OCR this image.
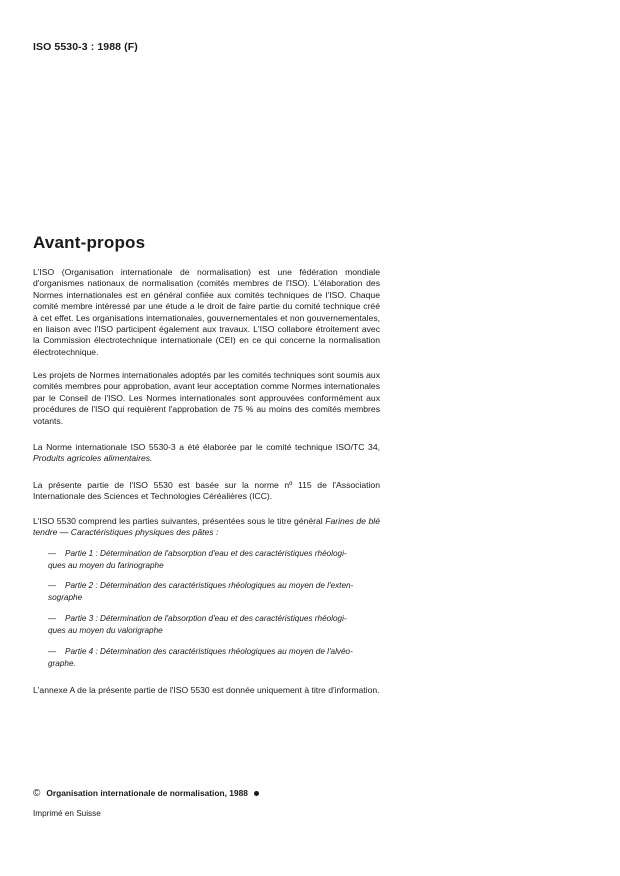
ISO 5530-3 : 1988 (F)
Avant-propos

L'ISO (Organisation internationale de normalisation) est une fédération mondiale d'organismes nationaux de normalisation (comités membres de l'ISO). L'élaboration des Normes internationales est en général confiée aux comités techniques de l'ISO. Chaque comité membre intéressé par une étude a le droit de faire partie du comité technique créé à cet effet. Les organisations internationales, gouvernementales et non gouvernementales, en liaison avec l'ISO participent également aux travaux. L'ISO collabore étroitement avec la Commission électrotechnique internationale (CEI) en ce qui concerne la normalisation électrotechnique.

Les projets de Normes internationales adoptés par les comités techniques sont soumis aux comités membres pour approbation, avant leur acceptation comme Normes internationales par le Conseil de l'ISO. Les Normes internationales sont approuvées conformément aux procédures de l'ISO qui requièrent l'approbation de 75 % au moins des comités membres votants.

La Norme internationale ISO 5530-3 a été élaborée par le comité technique ISO/TC 34, Produits agricoles alimentaires.

La présente partie de l'ISO 5530 est basée sur la norme nº 115 de l'Association Internationale des Sciences et Technologies Céréalières (ICC).

L'ISO 5530 comprend les parties suivantes, présentées sous le titre général Farines de blé tendre — Caractéristiques physiques des pâtes :

— Partie 1 : Détermination de l'absorption d'eau et des caractéristiques rhéologi-
ques au moyen du farinographe

— Partie 2 : Détermination des caractéristiques rhéologiques au moyen de l'exten-
sographe

— Partie 3 : Détermination de l'absorption d'eau et des caractéristiques rhéologi-
ques au moyen du valorigraphe

— Partie 4 : Détermination des caractéristiques rhéologiques au moyen de l'alvéo-
graphe.

L'annexe A de la présente partie de l'ISO 5530 est donnée uniquement à titre d'information.

© Organisation internationale de normalisation, 1988
Imprimé en Suisse
